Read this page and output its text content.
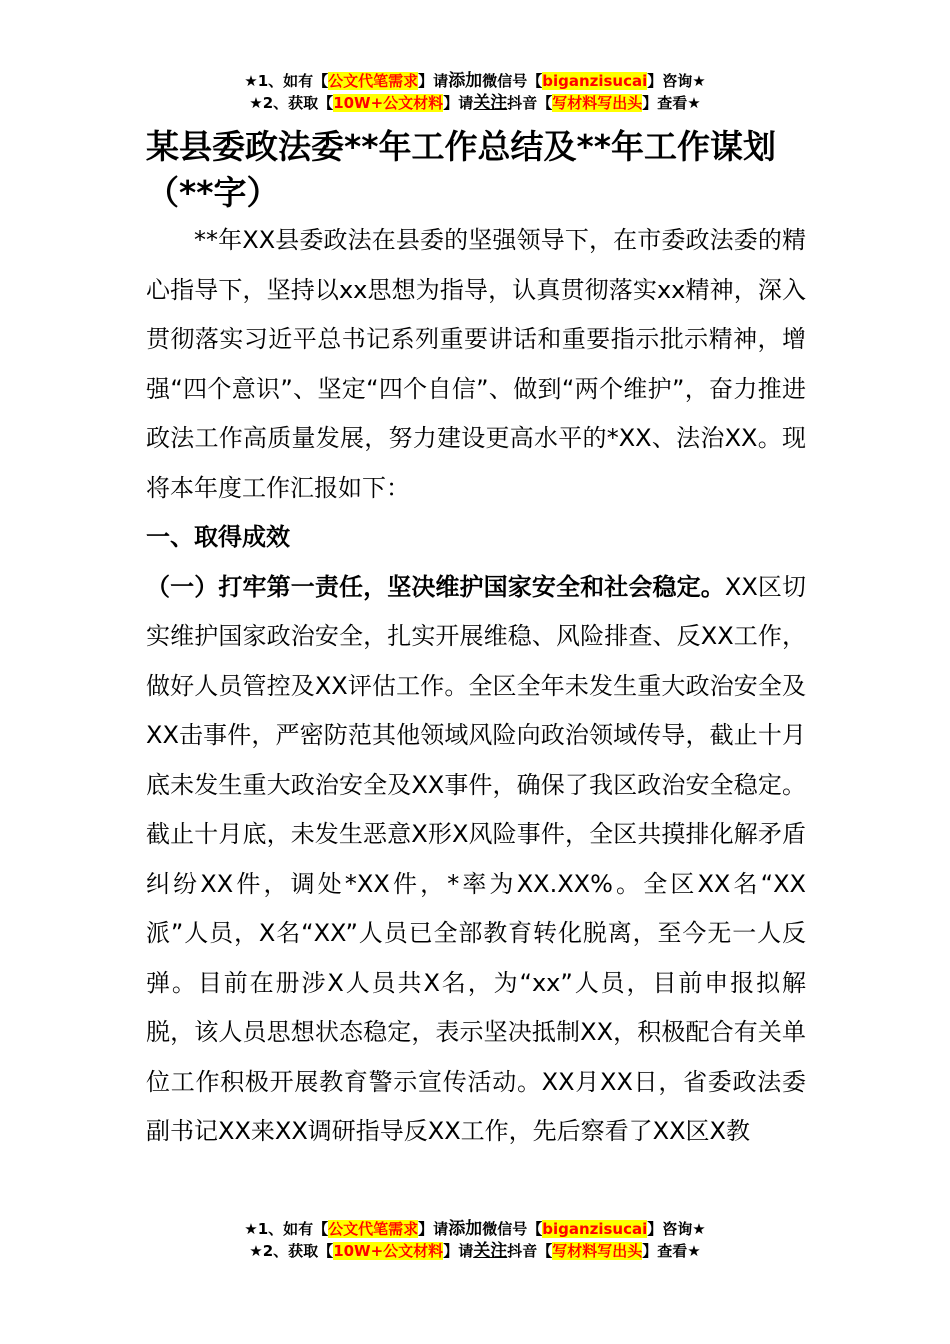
★1、如有【公文代笔需求】请添加微信号【biganzisucai】咨询★
★2、获取【10W+公文材料】请关注抖音【写材料写出头】查看★
某县委政法委**年工作总结及**年工作谋划（**字）

**年XX县委政法在县委的坚强领导下，在市委政法委的精心指导下，坚持以xx思想为指导，认真贯彻落实xx精神，深入贯彻落实习近平总书记系列重要讲话和重要指示批示精神，增强“四个意识”、坚定“四个自信”、做到“两个维护”，奋力推进政法工作高质量发展，努力建设更高水平的*XX、法治XX。现将本年度工作汇报如下：

一、取得成效

（一）打牢第一责任，坚决维护国家安全和社会稳定。XX区切实维护国家政治安全，扎实开展维稳、风险排查、反XX工作，做好人员管控及XX评估工作。全区全年未发生重大政治安全及XX击事件，严密防范其他领域风险向政治领域传导，截止十月底未发生重大政治安全及XX事件，确保了我区政治安全稳定。截止十月底，未发生恶意X形X风险事件，全区共摸排化解矛盾纠纷XX件，调处*XX件，*率为XX.XX%。全区XX名“XX派”人员，X名“XX”人员已全部教育转化脱离，至今无一人反弹。目前在册涉X人员共X名，为“xx”人员，目前申报拟解脱，该人员思想状态稳定，表示坚决抵制XX，积极配合有关单位工作积极开展教育警示宣传活动。XX月XX日，省委政法委副书记XX来XX调研指导反XX工作，先后察看了XX区X教

★1、如有【公文代笔需求】请添加微信号【biganzisucai】咨询★
★2、获取【10W+公文材料】请关注抖音【写材料写出头】查看★
